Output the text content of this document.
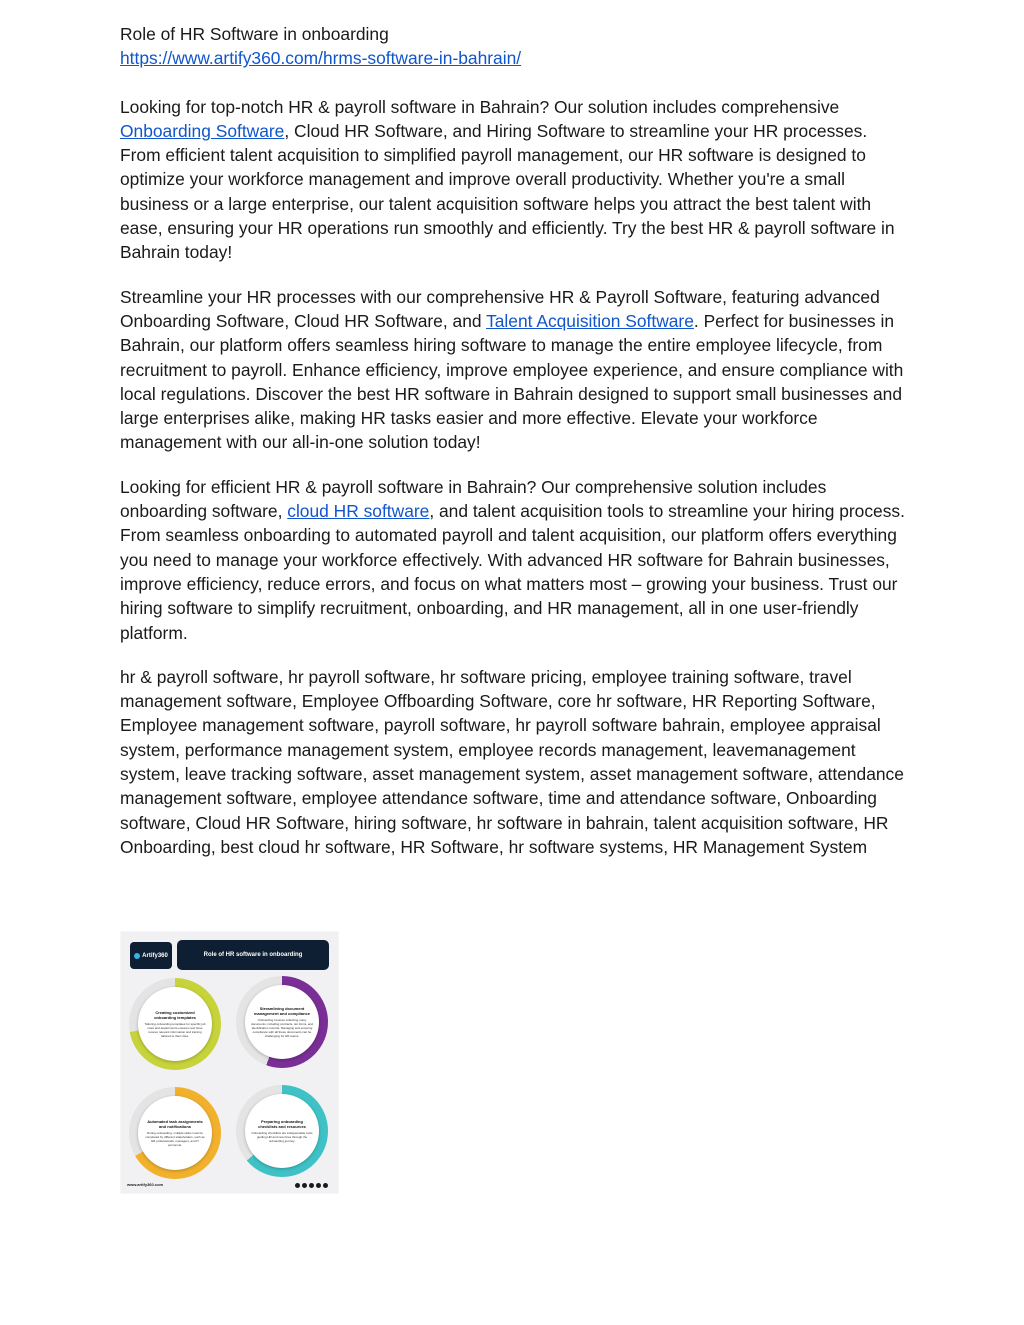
Role of HR Software in onboarding

https://www.artify360.com/hrms-software-in-bahrain/

Looking for top-notch HR & payroll software in Bahrain? Our solution includes comprehensive Onboarding Software, Cloud HR Software, and Hiring Software to streamline your HR processes. From efficient talent acquisition to simplified payroll management, our HR software is designed to optimize your workforce management and improve overall productivity. Whether you're a small business or a large enterprise, our talent acquisition software helps you attract the best talent with ease, ensuring your HR operations run smoothly and efficiently. Try the best HR & payroll software in Bahrain today!

Streamline your HR processes with our comprehensive HR & Payroll Software, featuring advanced Onboarding Software, Cloud HR Software, and Talent Acquisition Software. Perfect for businesses in Bahrain, our platform offers seamless hiring software to manage the entire employee lifecycle, from recruitment to payroll. Enhance efficiency, improve employee experience, and ensure compliance with local regulations. Discover the best HR software in Bahrain designed to support small businesses and large enterprises alike, making HR tasks easier and more effective. Elevate your workforce management with our all-in-one solution today!

Looking for efficient HR & payroll software in Bahrain? Our comprehensive solution includes onboarding software, cloud HR software, and talent acquisition tools to streamline your hiring process. From seamless onboarding to automated payroll and talent acquisition, our platform offers everything you need to manage your workforce effectively. With advanced HR software for Bahrain businesses, improve efficiency, reduce errors, and focus on what matters most – growing your business. Trust our hiring software to simplify recruitment, onboarding, and HR management, all in one user-friendly platform.

hr & payroll software, hr payroll software, hr software pricing, employee training software, travel management software, Employee Offboarding Software, core hr software, HR Reporting Software, Employee management software, payroll software, hr payroll software bahrain, employee appraisal system, performance management system, employee records management, leavemanagement system, leave tracking software, asset management system, asset management software, attendance management software, employee attendance software, time and attendance software, Onboarding software, Cloud HR Software, hiring software, hr software in bahrain, talent acquisition software, HR Onboarding, best cloud hr software, HR Software, hr software systems, HR Management System

Artify360	Role of HR software in onboarding
Creating customized onboarding templates
Tailoring onboarding templates for specific job roles and departments ensures new hires receive relevant information and training tailored to their roles.
Streamlining document management and compliance
Onboarding involves collecting many documents, including contracts, tax forms, and identification records. Managing and ensuring compliance with all these documents can be challenging for HR teams.
Automated task assignments and notifications
During onboarding, multiple tasks must be completed by different stakeholders, such as HR professionals, managers, and IT personnel.
Preparing onboarding checklists and resources
Onboarding checklists are indispensable tools guiding HR and new hires through the onboarding journey.
www.artify360.com
